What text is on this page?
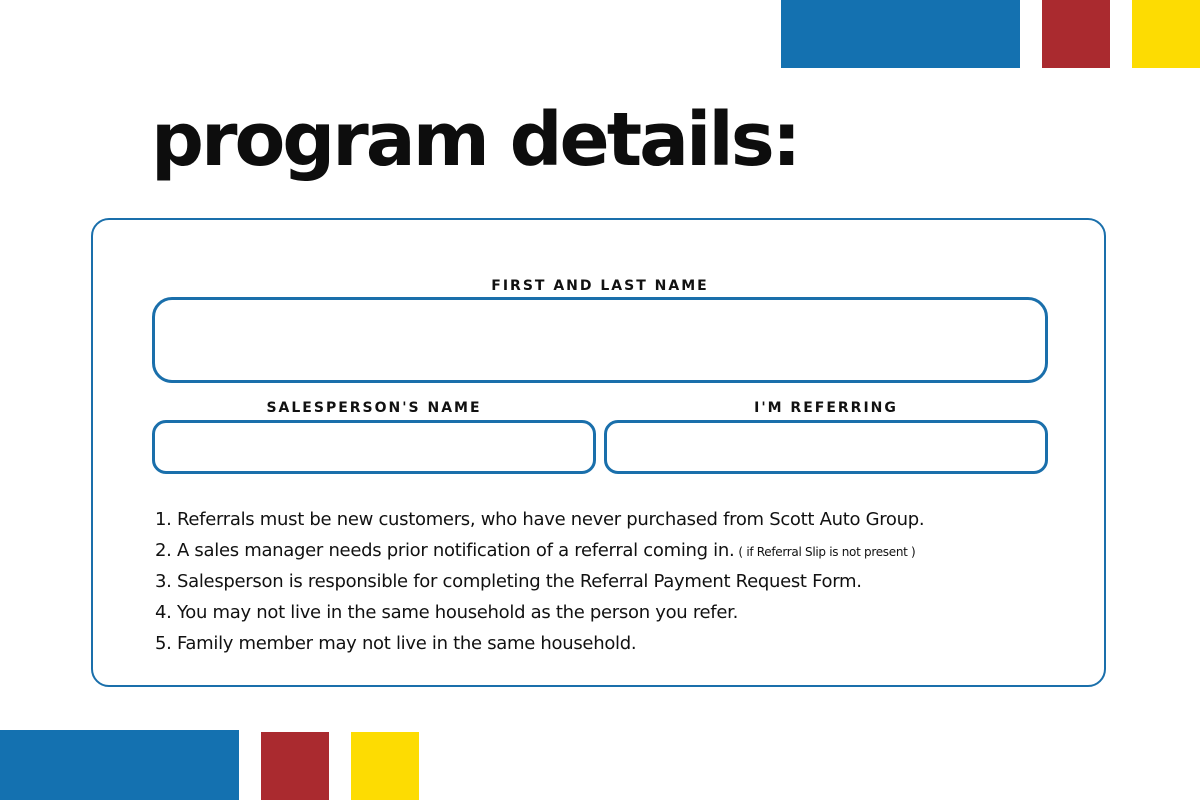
program details:
FIRST AND LAST NAME
SALESPERSON'S NAME	I'M REFERRING
1. Referrals must be new customers, who have never purchased from Scott Auto Group.
2. A sales manager needs prior notification of a referral coming in. ( if Referral Slip is not present )
3. Salesperson is responsible for completing the Referral Payment Request Form.
4. You may not live in the same household as the person you refer.
5. Family member may not live in the same household.
